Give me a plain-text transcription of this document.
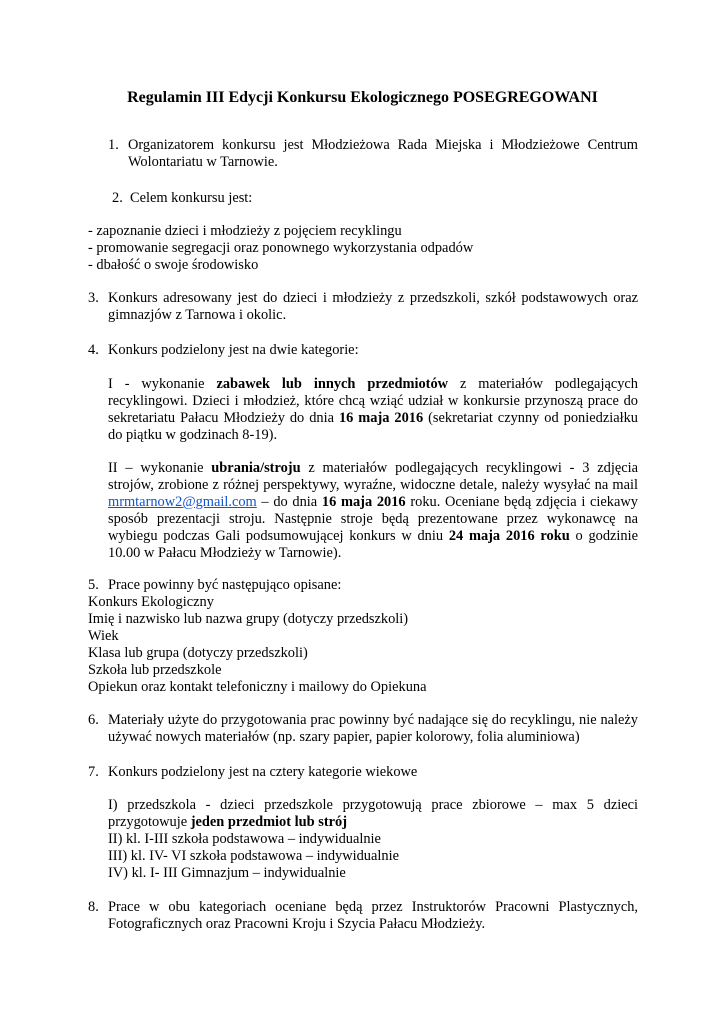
Regulamin III Edycji Konkursu Ekologicznego POSEGREGOWANI
1. Organizatorem konkursu jest Młodzieżowa Rada Miejska i Młodzieżowe Centrum Wolontariatu w Tarnowie.
2. Celem konkursu jest:
- zapoznanie dzieci i młodzieży z pojęciem recyklingu
- promowanie segregacji oraz ponownego wykorzystania odpadów
- dbałość o swoje środowisko
3. Konkurs adresowany jest do dzieci i młodzieży z przedszkoli, szkół podstawowych oraz gimnazjów z Tarnowa i okolic.
4. Konkurs podzielony jest na dwie kategorie:
I - wykonanie zabawek lub innych przedmiotów z materiałów podlegających recyklingowi. Dzieci i młodzież, które chcą wziąć udział w konkursie przynoszą prace do sekretariatu Pałacu Młodzieży do dnia 16 maja 2016 (sekretariat czynny od poniedziałku do piątku w godzinach 8-19).
II – wykonanie ubrania/stroju z materiałów podlegających recyklingowi - 3 zdjęcia strojów, zrobione z różnej perspektywy, wyraźne, widoczne detale, należy wysyłać na mail mrmtarnow2@gmail.com – do dnia 16 maja 2016 roku. Oceniane będą zdjęcia i ciekawy sposób prezentacji stroju. Następnie stroje będą prezentowane przez wykonawcę na wybiegu podczas Gali podsumowującej konkurs w dniu 24 maja 2016 roku o godzinie 10.00 w Pałacu Młodzieży w Tarnowie).
5. Prace powinny być następująco opisane:
Konkurs Ekologiczny
Imię i nazwisko lub nazwa grupy (dotyczy przedszkoli)
Wiek
Klasa lub grupa (dotyczy przedszkoli)
Szkoła lub przedszkole
Opiekun oraz kontakt telefoniczny i mailowy do Opiekuna
6. Materiały użyte do przygotowania prac powinny być nadające się do recyklingu, nie należy używać nowych materiałów (np. szary papier, papier kolorowy, folia aluminiowa)
7. Konkurs podzielony jest na cztery kategorie wiekowe
I) przedszkola - dzieci przedszkole przygotowują prace zbiorowe – max 5 dzieci przygotowuje jeden przedmiot lub strój
II) kl. I-III szkoła podstawowa – indywidualnie
III) kl. IV- VI szkoła podstawowa – indywidualnie
IV) kl. I- III Gimnazjum – indywidualnie
8. Prace w obu kategoriach oceniane będą przez Instruktorów Pracowni Plastycznych, Fotograficznych oraz Pracowni Kroju i Szycia Pałacu Młodzieży.
